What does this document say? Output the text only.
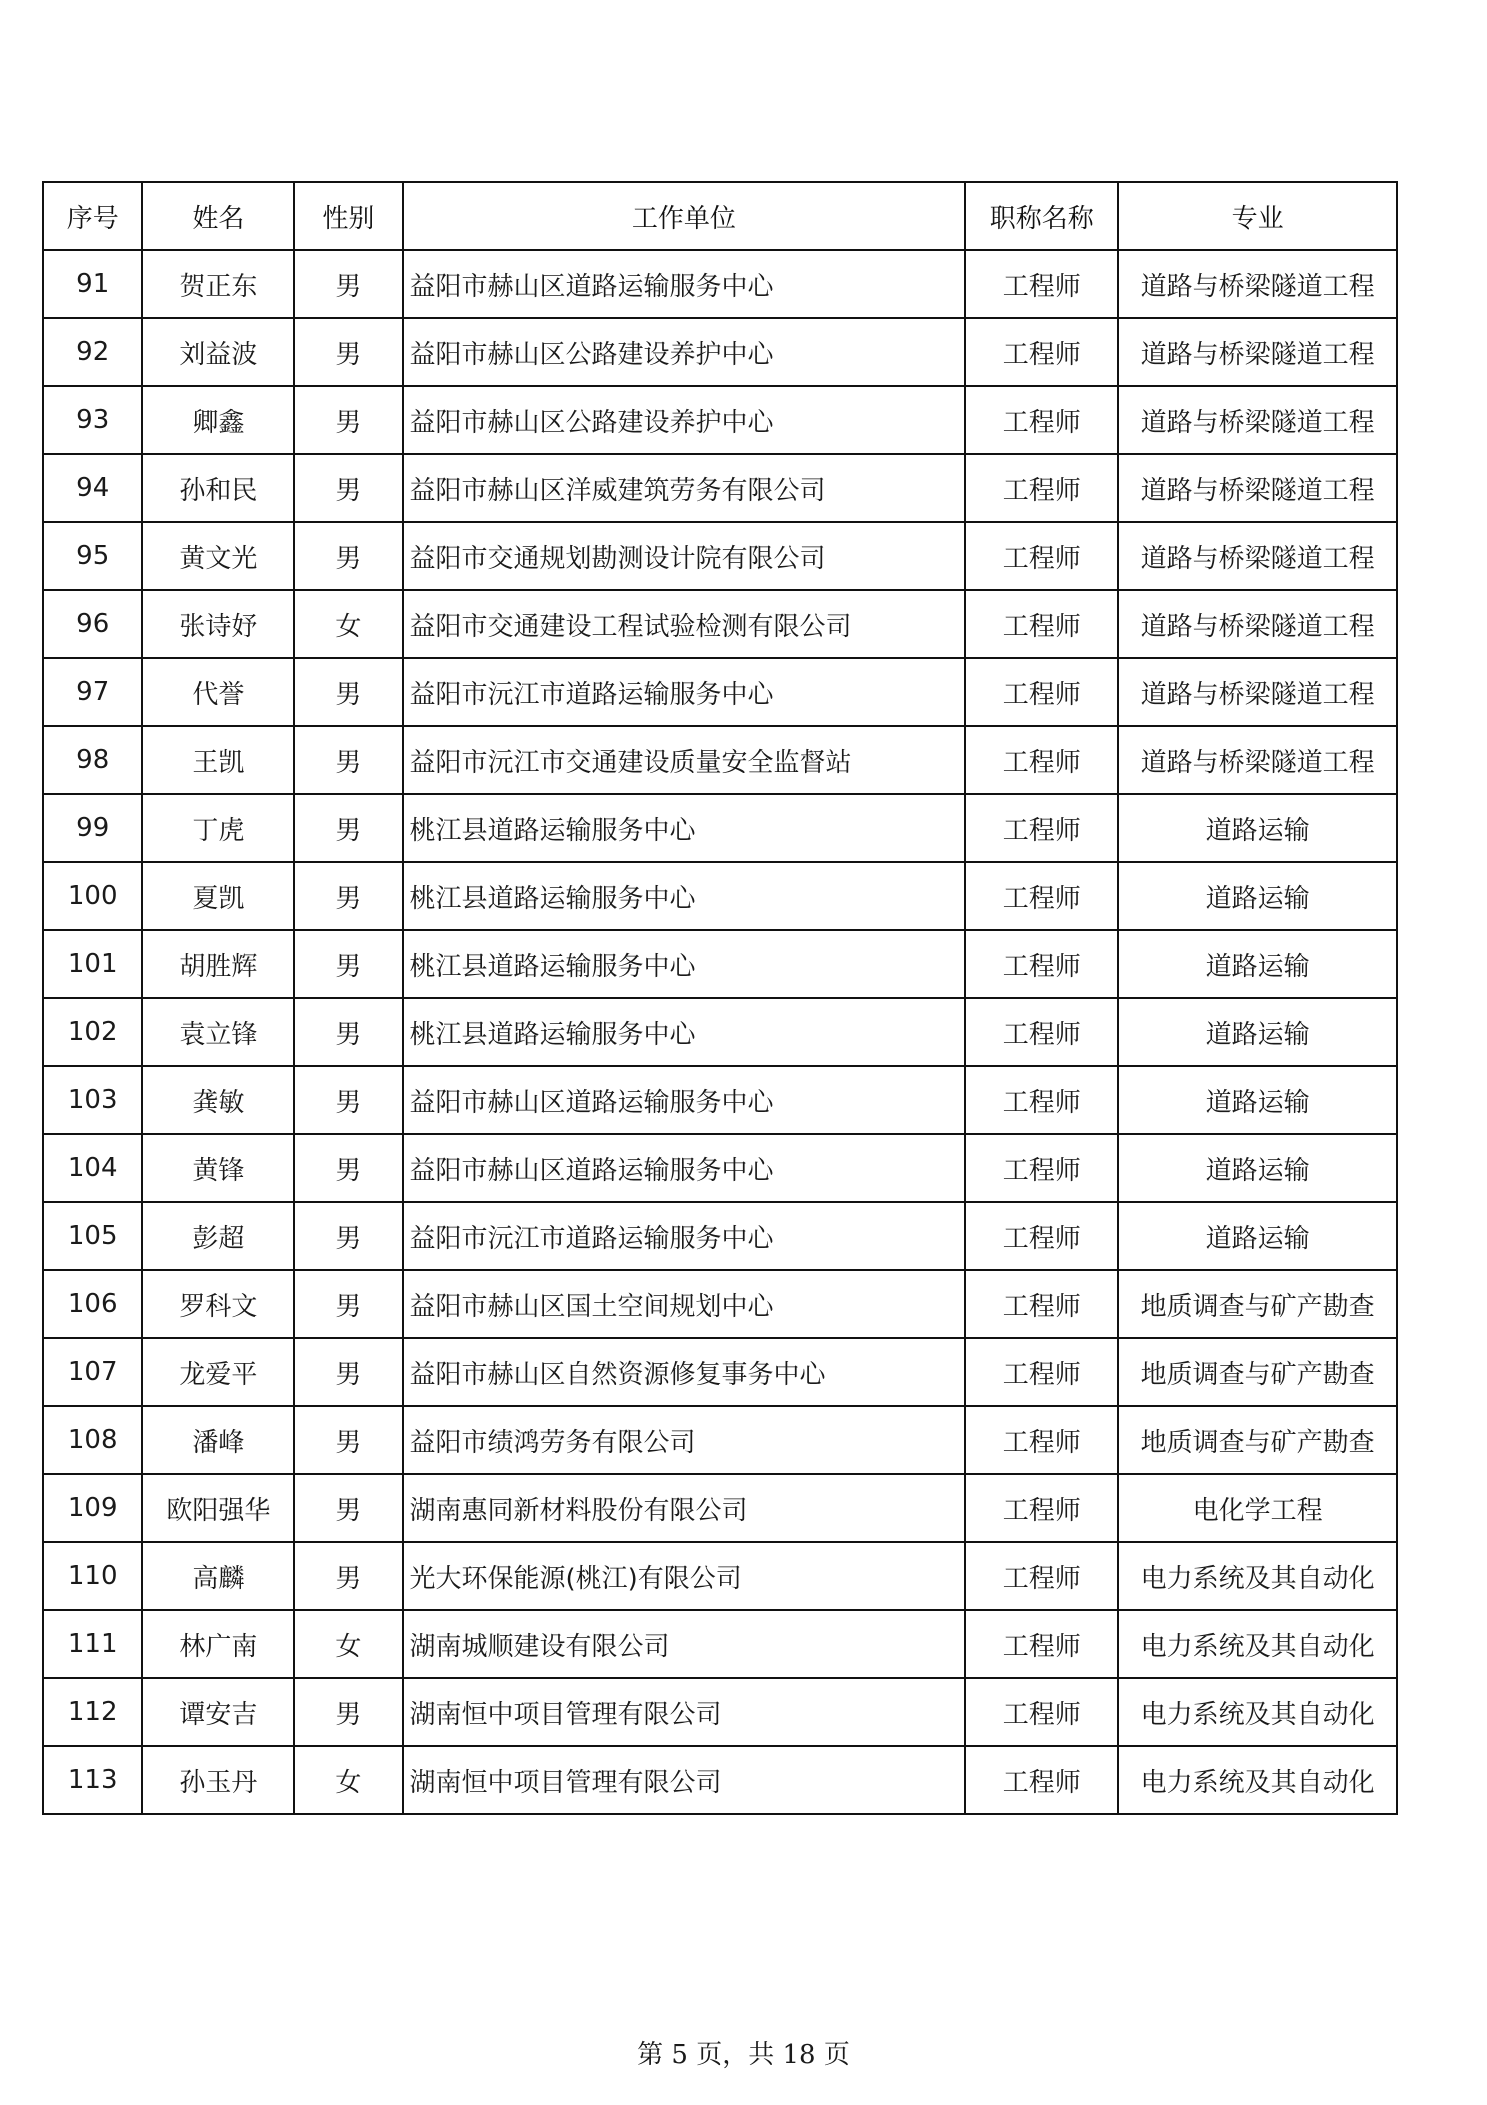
序号	姓名	性别	工作单位	职称名称	专业
91	贺正东	男	益阳市赫山区道路运输服务中心	工程师	道路与桥梁隧道工程
92	刘益波	男	益阳市赫山区公路建设养护中心	工程师	道路与桥梁隧道工程
93	卿鑫	男	益阳市赫山区公路建设养护中心	工程师	道路与桥梁隧道工程
94	孙和民	男	益阳市赫山区洋威建筑劳务有限公司	工程师	道路与桥梁隧道工程
95	黄文光	男	益阳市交通规划勘测设计院有限公司	工程师	道路与桥梁隧道工程
96	张诗妤	女	益阳市交通建设工程试验检测有限公司	工程师	道路与桥梁隧道工程
97	代誉	男	益阳市沅江市道路运输服务中心	工程师	道路与桥梁隧道工程
98	王凯	男	益阳市沅江市交通建设质量安全监督站	工程师	道路与桥梁隧道工程
99	丁虎	男	桃江县道路运输服务中心	工程师	道路运输
100	夏凯	男	桃江县道路运输服务中心	工程师	道路运输
101	胡胜辉	男	桃江县道路运输服务中心	工程师	道路运输
102	袁立锋	男	桃江县道路运输服务中心	工程师	道路运输
103	龚敏	男	益阳市赫山区道路运输服务中心	工程师	道路运输
104	黄锋	男	益阳市赫山区道路运输服务中心	工程师	道路运输
105	彭超	男	益阳市沅江市道路运输服务中心	工程师	道路运输
106	罗科文	男	益阳市赫山区国土空间规划中心	工程师	地质调查与矿产勘查
107	龙爱平	男	益阳市赫山区自然资源修复事务中心	工程师	地质调查与矿产勘查
108	潘峰	男	益阳市绩鸿劳务有限公司	工程师	地质调查与矿产勘查
109	欧阳强华	男	湖南惠同新材料股份有限公司	工程师	电化学工程
110	高麟	男	光大环保能源(桃江)有限公司	工程师	电力系统及其自动化
111	林广南	女	湖南城顺建设有限公司	工程师	电力系统及其自动化
112	谭安吉	男	湖南恒中项目管理有限公司	工程师	电力系统及其自动化
113	孙玉丹	女	湖南恒中项目管理有限公司	工程师	电力系统及其自动化
第 5 页，共 18 页
